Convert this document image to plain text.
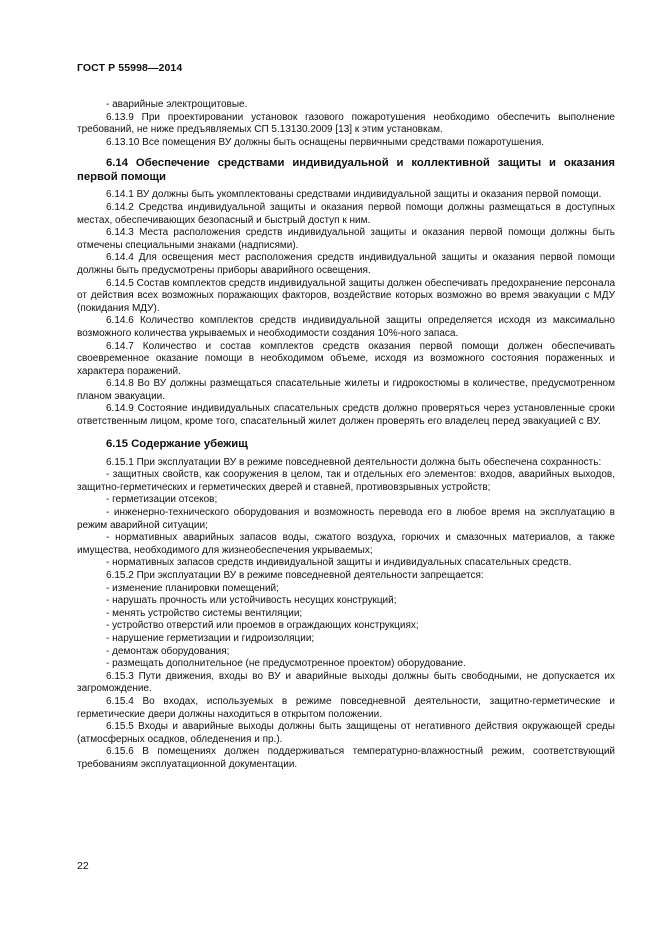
ГОСТ Р 55998—2014

- аварийные электрощитовые.

6.13.9 При проектировании установок газового пожаротушения необходимо обеспечить выполнение требований, не ниже предъявляемых СП 5.13130.2009 [13] к этим установкам.

6.13.10 Все помещения ВУ должны быть оснащены первичными средствами пожаротушения.

6.14 Обеспечение средствами индивидуальной и коллективной защиты и оказания первой помощи

6.14.1 ВУ должны быть укомплектованы средствами индивидуальной защиты и оказания первой помощи.

6.14.2 Средства индивидуальной защиты и оказания первой помощи должны размещаться в доступных местах, обеспечивающих безопасный и быстрый доступ к ним.

6.14.3 Места расположения средств индивидуальной защиты и оказания первой помощи должны быть отмечены специальными знаками (надписями).

6.14.4 Для освещения мест расположения средств индивидуальной защиты и оказания первой помощи должны быть предусмотрены приборы аварийного освещения.

6.14.5 Состав комплектов средств индивидуальной защиты должен обеспечивать предохранение персонала от действия всех возможных поражающих факторов, воздействие которых возможно во время эвакуации с МДУ (покидания МДУ).

6.14.6 Количество комплектов средств индивидуальной защиты определяется исходя из максимально возможного количества укрываемых и необходимости создания 10%-ного запаса.

6.14.7 Количество и состав комплектов средств оказания первой помощи должен обеспечивать своевременное оказание помощи в необходимом объеме, исходя из возможного состояния пораженных и характера поражений.

6.14.8 Во ВУ должны размещаться спасательные жилеты и гидрокостюмы в количестве, предусмотренном планом эвакуации.

6.14.9 Состояние индивидуальных спасательных средств должно проверяться через установленные сроки ответственным лицом, кроме того, спасательный жилет должен проверять его владелец перед эвакуацией с ВУ.

6.15 Содержание убежищ

6.15.1 При эксплуатации ВУ в режиме повседневной деятельности должна быть обеспечена сохранность:

- защитных свойств, как сооружения в целом, так и отдельных его элементов: входов, аварийных выходов, защитно-герметических и герметических дверей и ставней, противовзрывных устройств;

- герметизации отсеков;

- инженерно-технического оборудования и возможность перевода его в любое время на эксплуатацию в режим аварийной ситуации;

- нормативных аварийных запасов воды, сжатого воздуха, горючих и смазочных материалов, а также имущества, необходимого для жизнеобеспечения укрываемых;

- нормативных запасов средств индивидуальной защиты и индивидуальных спасательных средств.

6.15.2 При эксплуатации ВУ в режиме повседневной деятельности запрещается:

- изменение планировки помещений;

- нарушать прочность или устойчивость несущих конструкций;

- менять устройство системы вентиляции;

- устройство отверстий или проемов в ограждающих конструкциях;

- нарушение герметизации и гидроизоляции;

- демонтаж оборудования;

- размещать дополнительное (не предусмотренное проектом) оборудование.

6.15.3 Пути движения, входы во ВУ и аварийные выходы должны быть свободными, не допускается их загромождение.

6.15.4 Во входах, используемых в режиме повседневной деятельности, защитно-герметические и герметические двери должны находиться в открытом положении.

6.15.5 Входы и аварийные выходы должны быть защищены от негативного действия окружающей среды (атмосферных осадков, обледенения и пр.).

6.15.6 В помещениях должен поддерживаться температурно-влажностный режим, соответствующий требованиям эксплуатационной документации.

22
